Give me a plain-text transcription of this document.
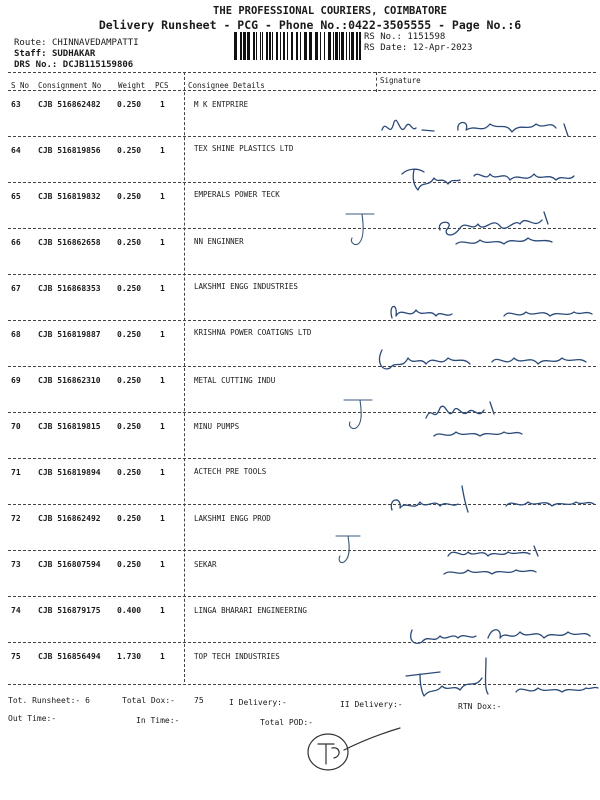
THE PROFESSIONAL COURIERS, COIMBATORE
Delivery Runsheet - PCG - Phone No.:0422-3505555 - Page No.:6
Route: CHINNAVEDAMPATTI
Staff: SUDHAKAR
DRS No.: DCJB115159806
RS No.: 1151598
RS Date: 12-Apr-2023
S No Consignment No Weight PCS	Consignee Details
Signature
63 CJB 516862482 0.250 1	M K ENTPRIRE
64 CJB 516819856 0.250 1	TEX SHINE PLASTICS LTD
65 CJB 516819832 0.250 1	EMPERALS POWER TECK
66 CJB 516862658 0.250 1	NN ENGINNER
67 CJB 516868353 0.250 1	LAKSHMI ENGG INDUSTRIES
68 CJB 516819887 0.250 1	KRISHNA POWER COATIGNS LTD
69 CJB 516862310 0.250 1	METAL CUTTING INDU
70 CJB 516819815 0.250 1	MINU PUMPS
71 CJB 516819894 0.250 1	ACTECH PRE TOOLS
72 CJB 516862492 0.250 1	LAKSHMI ENGG PROD
73 CJB 516807594 0.250 1	SEKAR
74 CJB 516879175 0.400 1	LINGA BHARARI ENGINEERING
75 CJB 516856494 1.730 1	TOP TECH INDUSTRIES
Mani 6369100801
Thamini 9894065611
Sabarathi 8098128121
Lakshmi 8098128171
Gowthamraj 9894106951
Mani 6369100801
Anandh 8098128171
Ramani 8098128121
Eswar 9094108171
Tamil 9894108301
Tot. Runsheet:- 6	Total Dox:- 75	I Delivery:-	II Delivery:-	RTN Dox:-
Out Time:-	In Time:-	Total POD:-
